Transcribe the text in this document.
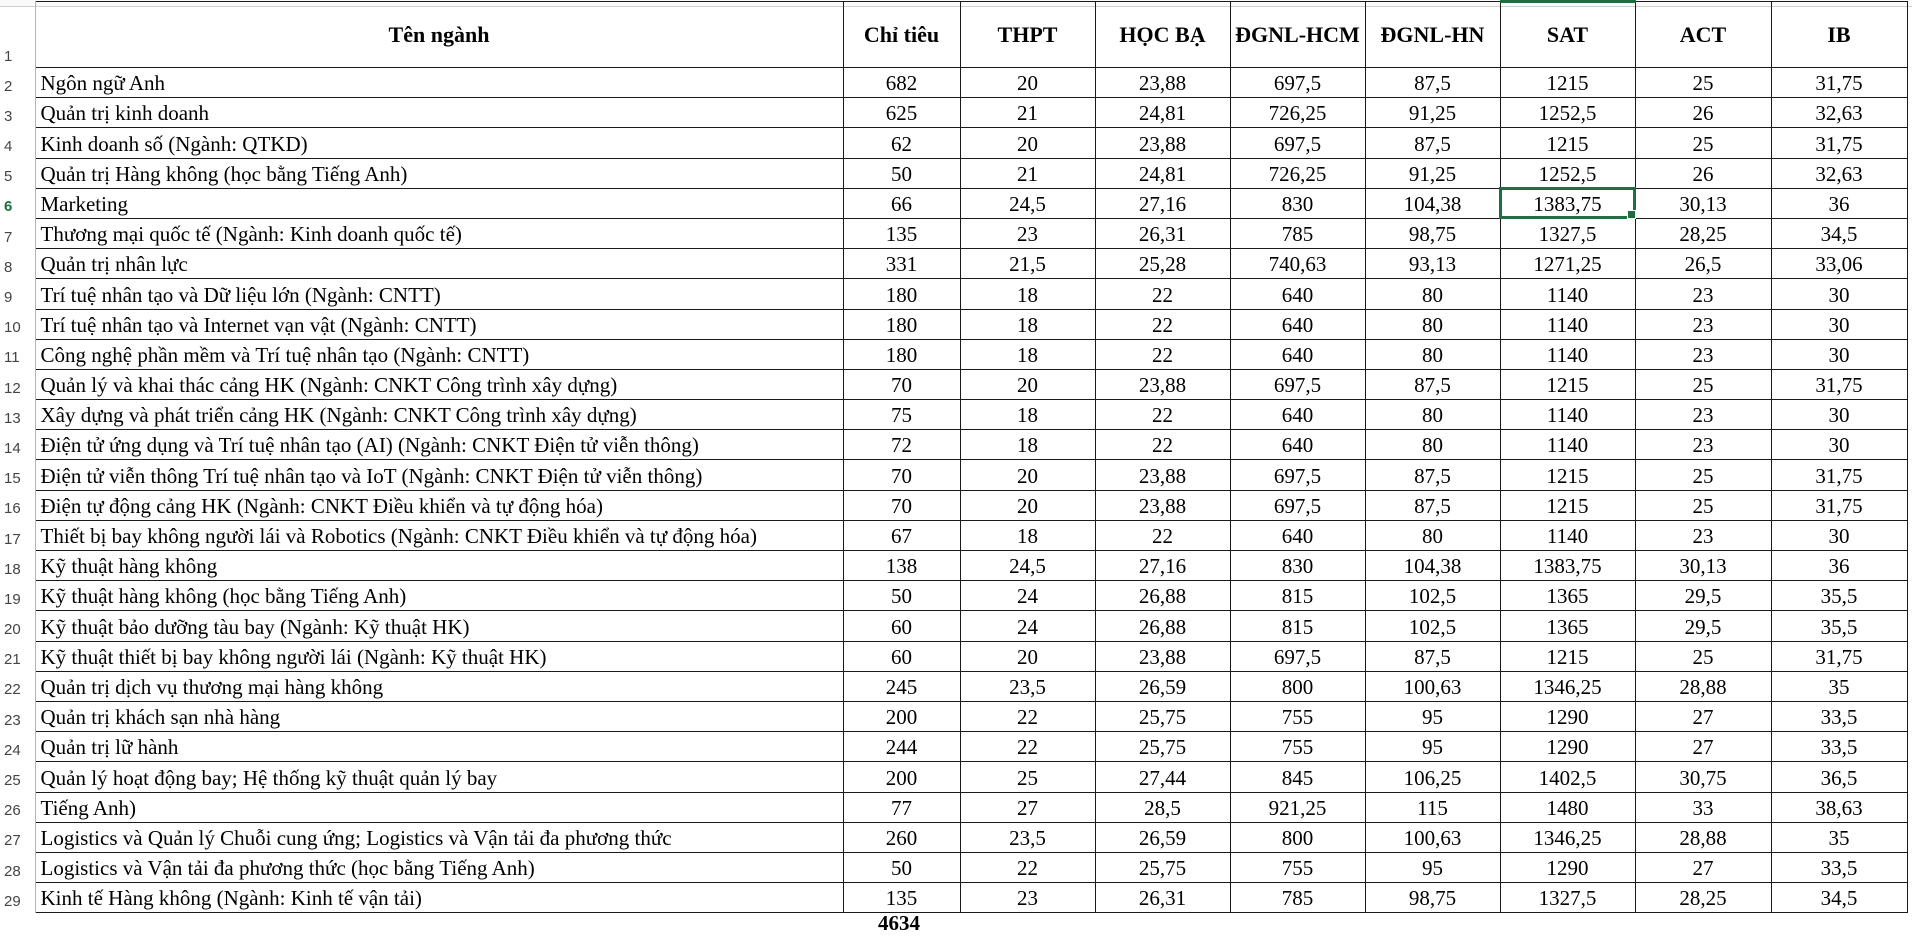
1	Tên ngành	Chỉ tiêu	THPT	HỌC BẠ	ĐGNL-HCM	ĐGNL-HN	SAT	ACT	IB
2	Ngôn ngữ Anh	682	20	23,88	697,5	87,5	1215	25	31,75
3	Quản trị kinh doanh	625	21	24,81	726,25	91,25	1252,5	26	32,63
4	Kinh doanh số (Ngành: QTKD)	62	20	23,88	697,5	87,5	1215	25	31,75
5	Quản trị Hàng không (học bằng Tiếng Anh)	50	21	24,81	726,25	91,25	1252,5	26	32,63
6	Marketing	66	24,5	27,16	830	104,38	1383,75	30,13	36
7	Thương mại quốc tế (Ngành: Kinh doanh quốc tế)	135	23	26,31	785	98,75	1327,5	28,25	34,5
8	Quản trị nhân lực	331	21,5	25,28	740,63	93,13	1271,25	26,5	33,06
9	Trí tuệ nhân tạo và Dữ liệu lớn (Ngành: CNTT)	180	18	22	640	80	1140	23	30
10	Trí tuệ nhân tạo và Internet vạn vật (Ngành: CNTT)	180	18	22	640	80	1140	23	30
11	Công nghệ phần mềm và Trí tuệ nhân tạo (Ngành: CNTT)	180	18	22	640	80	1140	23	30
12	Quản lý và khai thác cảng HK (Ngành: CNKT Công trình xây dựng)	70	20	23,88	697,5	87,5	1215	25	31,75
13	Xây dựng và phát triển cảng HK (Ngành: CNKT Công trình xây dựng)	75	18	22	640	80	1140	23	30
14	Điện tử ứng dụng và Trí tuệ nhân tạo (AI) (Ngành: CNKT Điện tử viễn thông)	72	18	22	640	80	1140	23	30
15	Điện tử viễn thông Trí tuệ nhân tạo và IoT (Ngành: CNKT Điện tử viễn thông)	70	20	23,88	697,5	87,5	1215	25	31,75
16	Điện tự động cảng HK (Ngành: CNKT Điều khiển và tự động hóa)	70	20	23,88	697,5	87,5	1215	25	31,75
17	Thiết bị bay không người lái và Robotics (Ngành: CNKT Điều khiển và tự động hóa)	67	18	22	640	80	1140	23	30
18	Kỹ thuật hàng không	138	24,5	27,16	830	104,38	1383,75	30,13	36
19	Kỹ thuật hàng không (học bằng Tiếng Anh)	50	24	26,88	815	102,5	1365	29,5	35,5
20	Kỹ thuật bảo dưỡng tàu bay (Ngành: Kỹ thuật HK)	60	24	26,88	815	102,5	1365	29,5	35,5
21	Kỹ thuật thiết bị bay không người lái (Ngành: Kỹ thuật HK)	60	20	23,88	697,5	87,5	1215	25	31,75
22	Quản trị dịch vụ thương mại hàng không	245	23,5	26,59	800	100,63	1346,25	28,88	35
23	Quản trị khách sạn nhà hàng	200	22	25,75	755	95	1290	27	33,5
24	Quản trị lữ hành	244	22	25,75	755	95	1290	27	33,5
25	Quản lý hoạt động bay; Hệ thống kỹ thuật quản lý bay	200	25	27,44	845	106,25	1402,5	30,75	36,5
26	Tiếng Anh)	77	27	28,5	921,25	115	1480	33	38,63
27	Logistics và Quản lý Chuỗi cung ứng; Logistics và Vận tải đa phương thức	260	23,5	26,59	800	100,63	1346,25	28,88	35
28	Logistics và Vận tải đa phương thức (học bằng Tiếng Anh)	50	22	25,75	755	95	1290	27	33,5
29	Kinh tế Hàng không (Ngành: Kinh tế vận tải)	135	23	26,31	785	98,75	1327,5	28,25	34,5
4634
